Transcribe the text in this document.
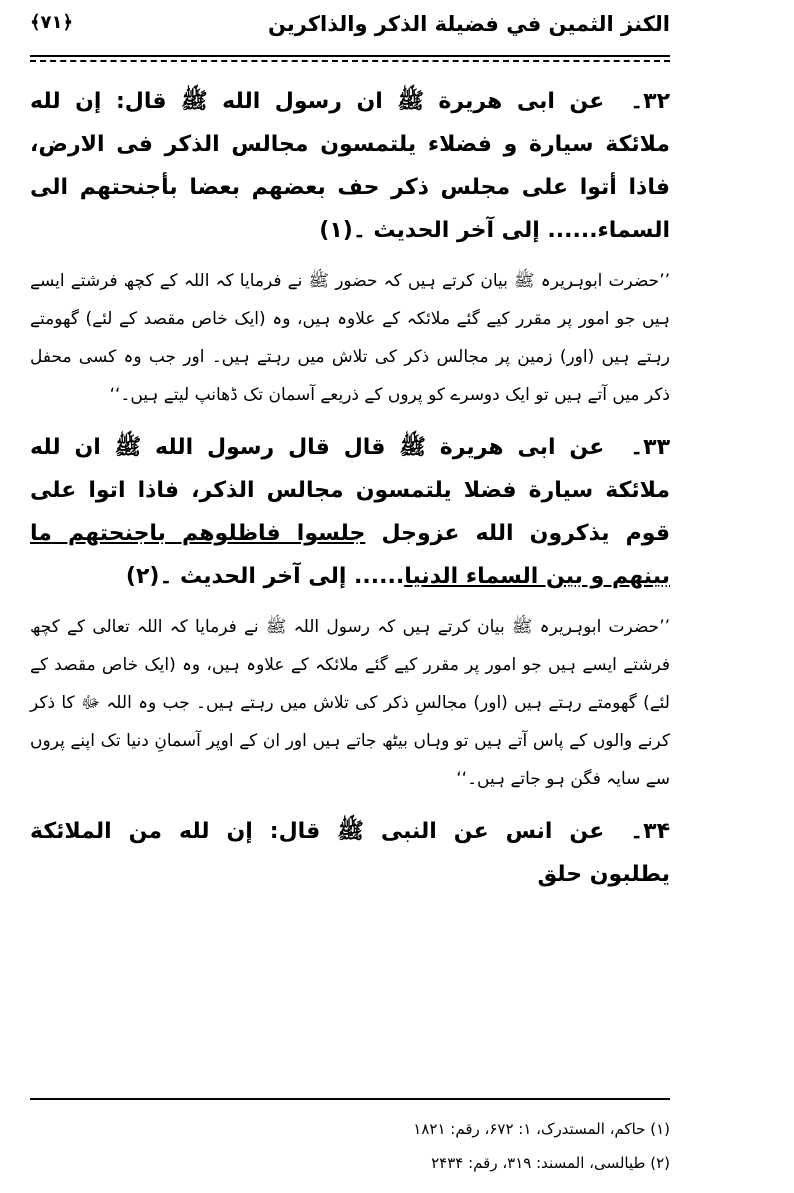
الكنز الثمين في فضيلة الذكر والذاكرين
﴿۷۱﴾

۳۲۔عن ابى هريرة ﷺ ان رسول الله ﷺ قال: إن لله ملائكة سيارة و فضلاء يلتمسون مجالس الذكر فى الارض، فاذا أتوا على مجلس ذكر حف بعضهم بعضا بأجنحتهم الى السماء...... إلى آخر الحديث ۔(۱)

’’حضرت ابوہریرہ ﷺ بیان کرتے ہیں کہ حضور ﷺ نے فرمایا کہ اللہ کے کچھ فرشتے ایسے ہیں جو امور پر مقرر کیے گئے ملائکہ کے علاوہ ہیں، وہ (ایک خاص مقصد کے لئے) گھومتے رہتے ہیں (اور) زمین پر مجالس ذکر کی تلاش میں رہتے ہیں۔ اور جب وہ کسی محفل ذکر میں آتے ہیں تو ایک دوسرے کو پروں کے ذریعے آسمان تک ڈھانپ لیتے ہیں۔‘‘

۳۳۔عن ابى هريرة ﷺ قال قال رسول الله ﷺ ان لله ملائكة سيارة فضلا يلتمسون مجالس الذكر، فاذا اتوا على قوم يذكرون الله عزوجل جلسوا فاظلوهم باجنحتهم ما بينهم و بين السماء الدنيا...... إلى آخر الحديث ۔(۲)

’’حضرت ابوہریرہ ﷺ بیان کرتے ہیں کہ رسول اللہ ﷺ نے فرمایا کہ اللہ تعالی کے کچھ فرشتے ایسے ہیں جو امور پر مقرر کیے گئے ملائکہ کے علاوہ ہیں، وہ (ایک خاص مقصد کے لئے) گھومتے رہتے ہیں (اور) مجالسِ ذکر کی تلاش میں رہتے ہیں۔ جب وہ اللہ ﷻ کا ذکر کرنے والوں کے پاس آتے ہیں تو وہاں بیٹھ جاتے ہیں اور ان کے اوپر آسمانِ دنیا تک اپنے پروں سے سایہ فگن ہو جاتے ہیں۔‘‘

۳۴۔عن انس عن النبى ﷺ قال: إن لله من الملائكة يطلبون حلق

(۱) حاکم، المستدرک، ۱: ۶۷۲، رقم: ۱۸۲۱
(۲) طیالسی، المسند: ۳۱۹، رقم: ۲۴۳۴
